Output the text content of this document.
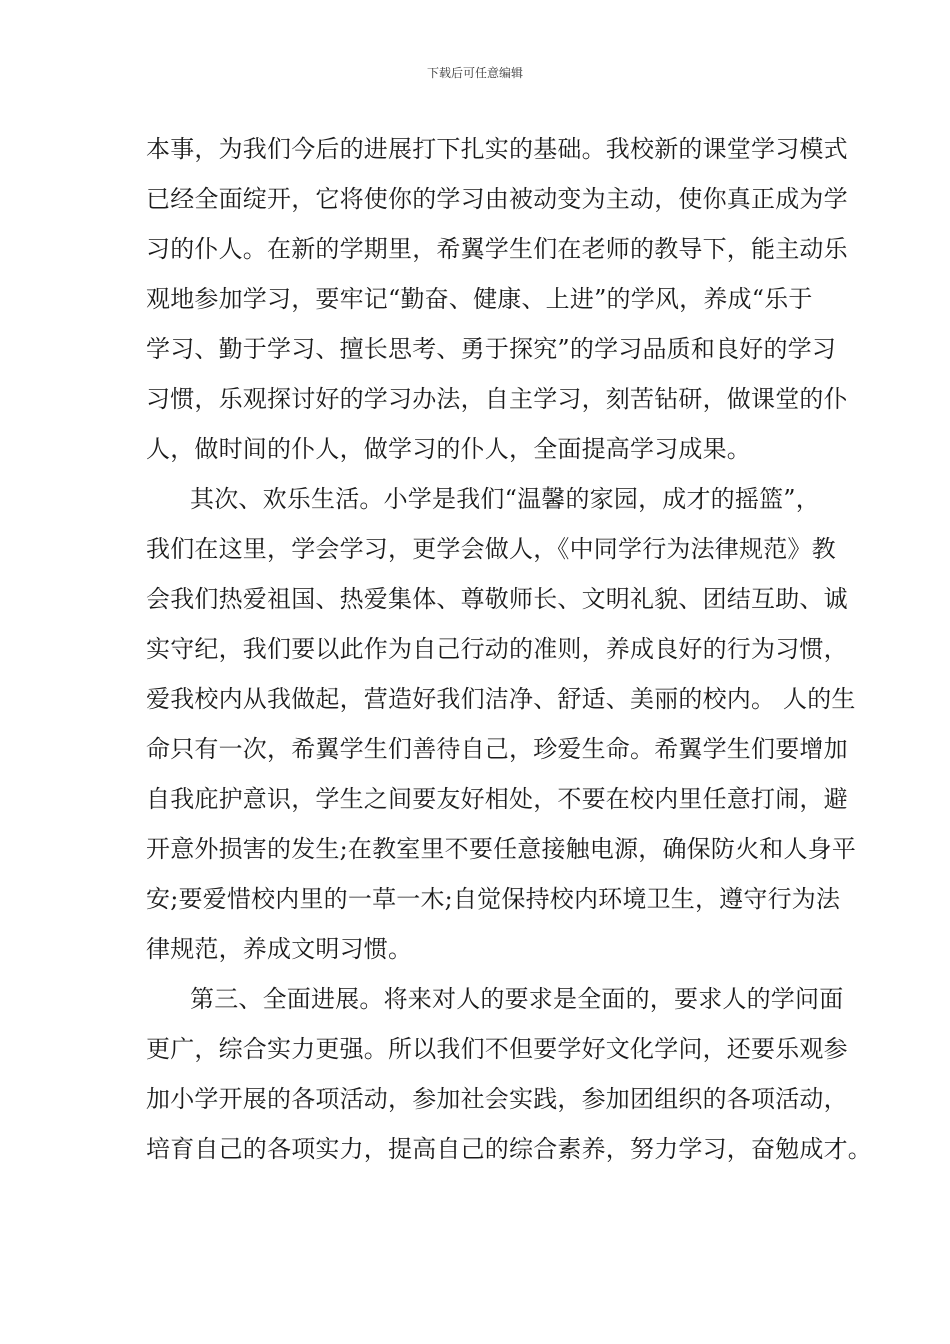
下载后可任意编辑
本事，为我们今后的进展打下扎实的基础。我校新的课堂学习模式
已经全面绽开，它将使你的学习由被动变为主动，使你真正成为学
习的仆人。在新的学期里，希翼学生们在老师的教导下，能主动乐
观地参加学习，要牢记“勤奋、健康、上进”的学风，养成“乐于
学习、勤于学习、擅长思考、勇于探究”的学习品质和良好的学习
习惯，乐观探讨好的学习办法，自主学习，刻苦钻研，做课堂的仆
人，做时间的仆人，做学习的仆人，全面提高学习成果。
其次、欢乐生活。小学是我们“温馨的家园，成才的摇篮”，
我们在这里，学会学习，更学会做人，《中同学行为法律规范》教
会我们热爱祖国、热爱集体、尊敬师长、文明礼貌、团结互助、诚
实守纪，我们要以此作为自己行动的准则，养成良好的行为习惯，
爱我校内从我做起，营造好我们洁净、舒适、美丽的校内。 人的生
命只有一次，希翼学生们善待自己，珍爱生命。希翼学生们要增加
自我庇护意识，学生之间要友好相处，不要在校内里任意打闹，避
开意外损害的发生;在教室里不要任意接触电源，确保防火和人身平
安;要爱惜校内里的一草一木;自觉保持校内环境卫生，遵守行为法
律规范，养成文明习惯。
第三、全面进展。将来对人的要求是全面的，要求人的学问面
更广，综合实力更强。所以我们不但要学好文化学问，还要乐观参
加小学开展的各项活动，参加社会实践，参加团组织的各项活动，
培育自己的各项实力，提高自己的综合素养，努力学习，奋勉成才。
